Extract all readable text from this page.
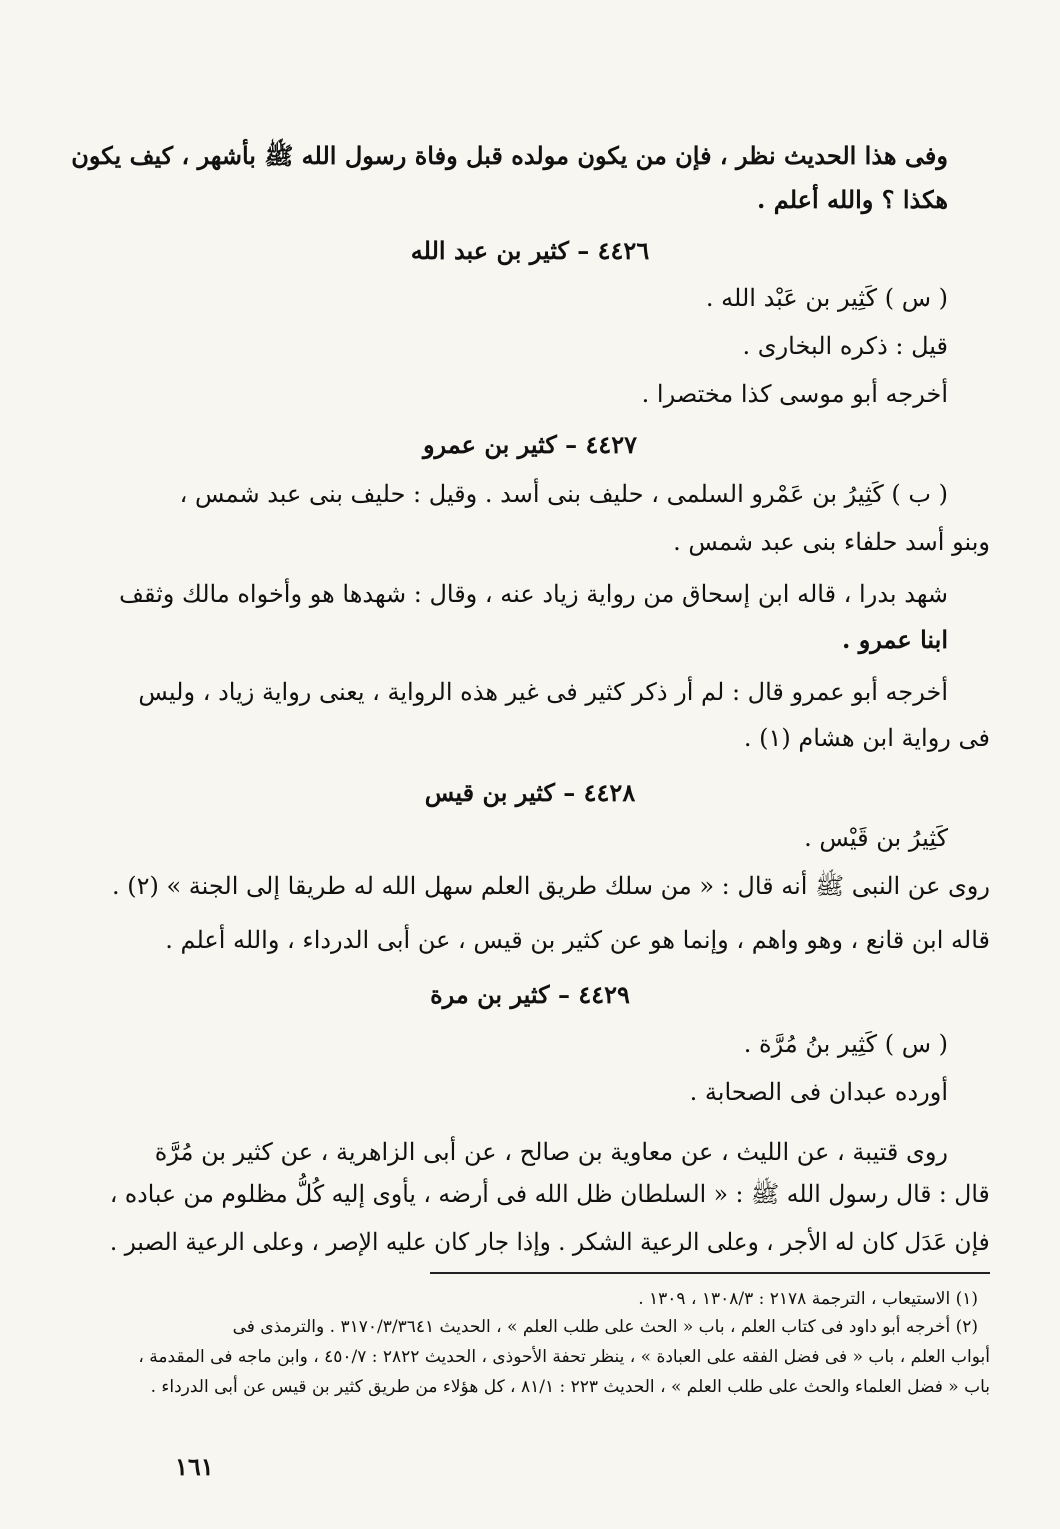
وفى هذا الحديث نظر ، فإن من يكون مولده قبل وفاة رسول الله ﷺ بأشهر ، كيف يكون

هكذا ؟ والله أعلم .

٤٤٢٦ – كثير بن عبد الله

( س ) كَثِير بن عَبْد الله .

قيل : ذكره البخارى .

أخرجه أبو موسى كذا مختصرا .

٤٤٢٧ – كثير بن عمرو

( ب ) كَثِيرُ بن عَمْرو السلمى ، حليف بنى أسد . وقيل : حليف بنى عبد شمس ،

وبنو أسد حلفاء بنى عبد شمس .

شهد بدرا ، قاله ابن إسحاق من رواية زياد عنه ، وقال : شهدها هو وأخواه مالك وثقف

ابنا عمرو .

أخرجه أبو عمرو قال : لم أر ذكر كثير فى غير هذه الرواية ، يعنى رواية زياد ، وليس

فى رواية ابن هشام (١) .

٤٤٢٨ – كثير بن قيس

كَثِيرُ بن قَيْس .

روى عن النبى ﷺ أنه قال : « من سلك طريق العلم سهل الله له طريقا إلى الجنة » (٢) .

قاله ابن قانع ، وهو واهم ، وإنما هو عن كثير بن قيس ، عن أبى الدرداء ، والله أعلم .

٤٤٢٩ – كثير بن مرة

( س ) كَثِير بنُ مُرَّة .

أورده عبدان فى الصحابة .

روى قتيبة ، عن الليث ، عن معاوية بن صالح ، عن أبى الزاهرية ، عن كثير بن مُرَّة

قال : قال رسول الله ﷺ : « السلطان ظل الله فى أرضه ، يأوى إليه كُلُّ مظلوم من عباده ،

فإن عَدَل كان له الأجر ، وعلى الرعية الشكر . وإذا جار كان عليه الإصر ، وعلى الرعية الصبر .

(١) الاستيعاب ، الترجمة ٢١٧٨ : ١٣٠٨/٣ ، ١٣٠٩ .

(٢) أخرجه أبو داود فى كتاب العلم ، باب « الحث على طلب العلم » ، الحديث ٣١٧٠/٣/٣٦٤١ . والترمذى فى

أبواب العلم ، باب « فى فضل الفقه على العبادة » ، ينظر تحفة الأحوذى ، الحديث ٢٨٢٢ : ٤٥٠/٧ ، وابن ماجه فى المقدمة ،

باب « فضل العلماء والحث على طلب العلم » ، الحديث ٢٢٣ : ٨١/١ ، كل هؤلاء من طريق كثير بن قيس عن أبى الدرداء .

١٦١
